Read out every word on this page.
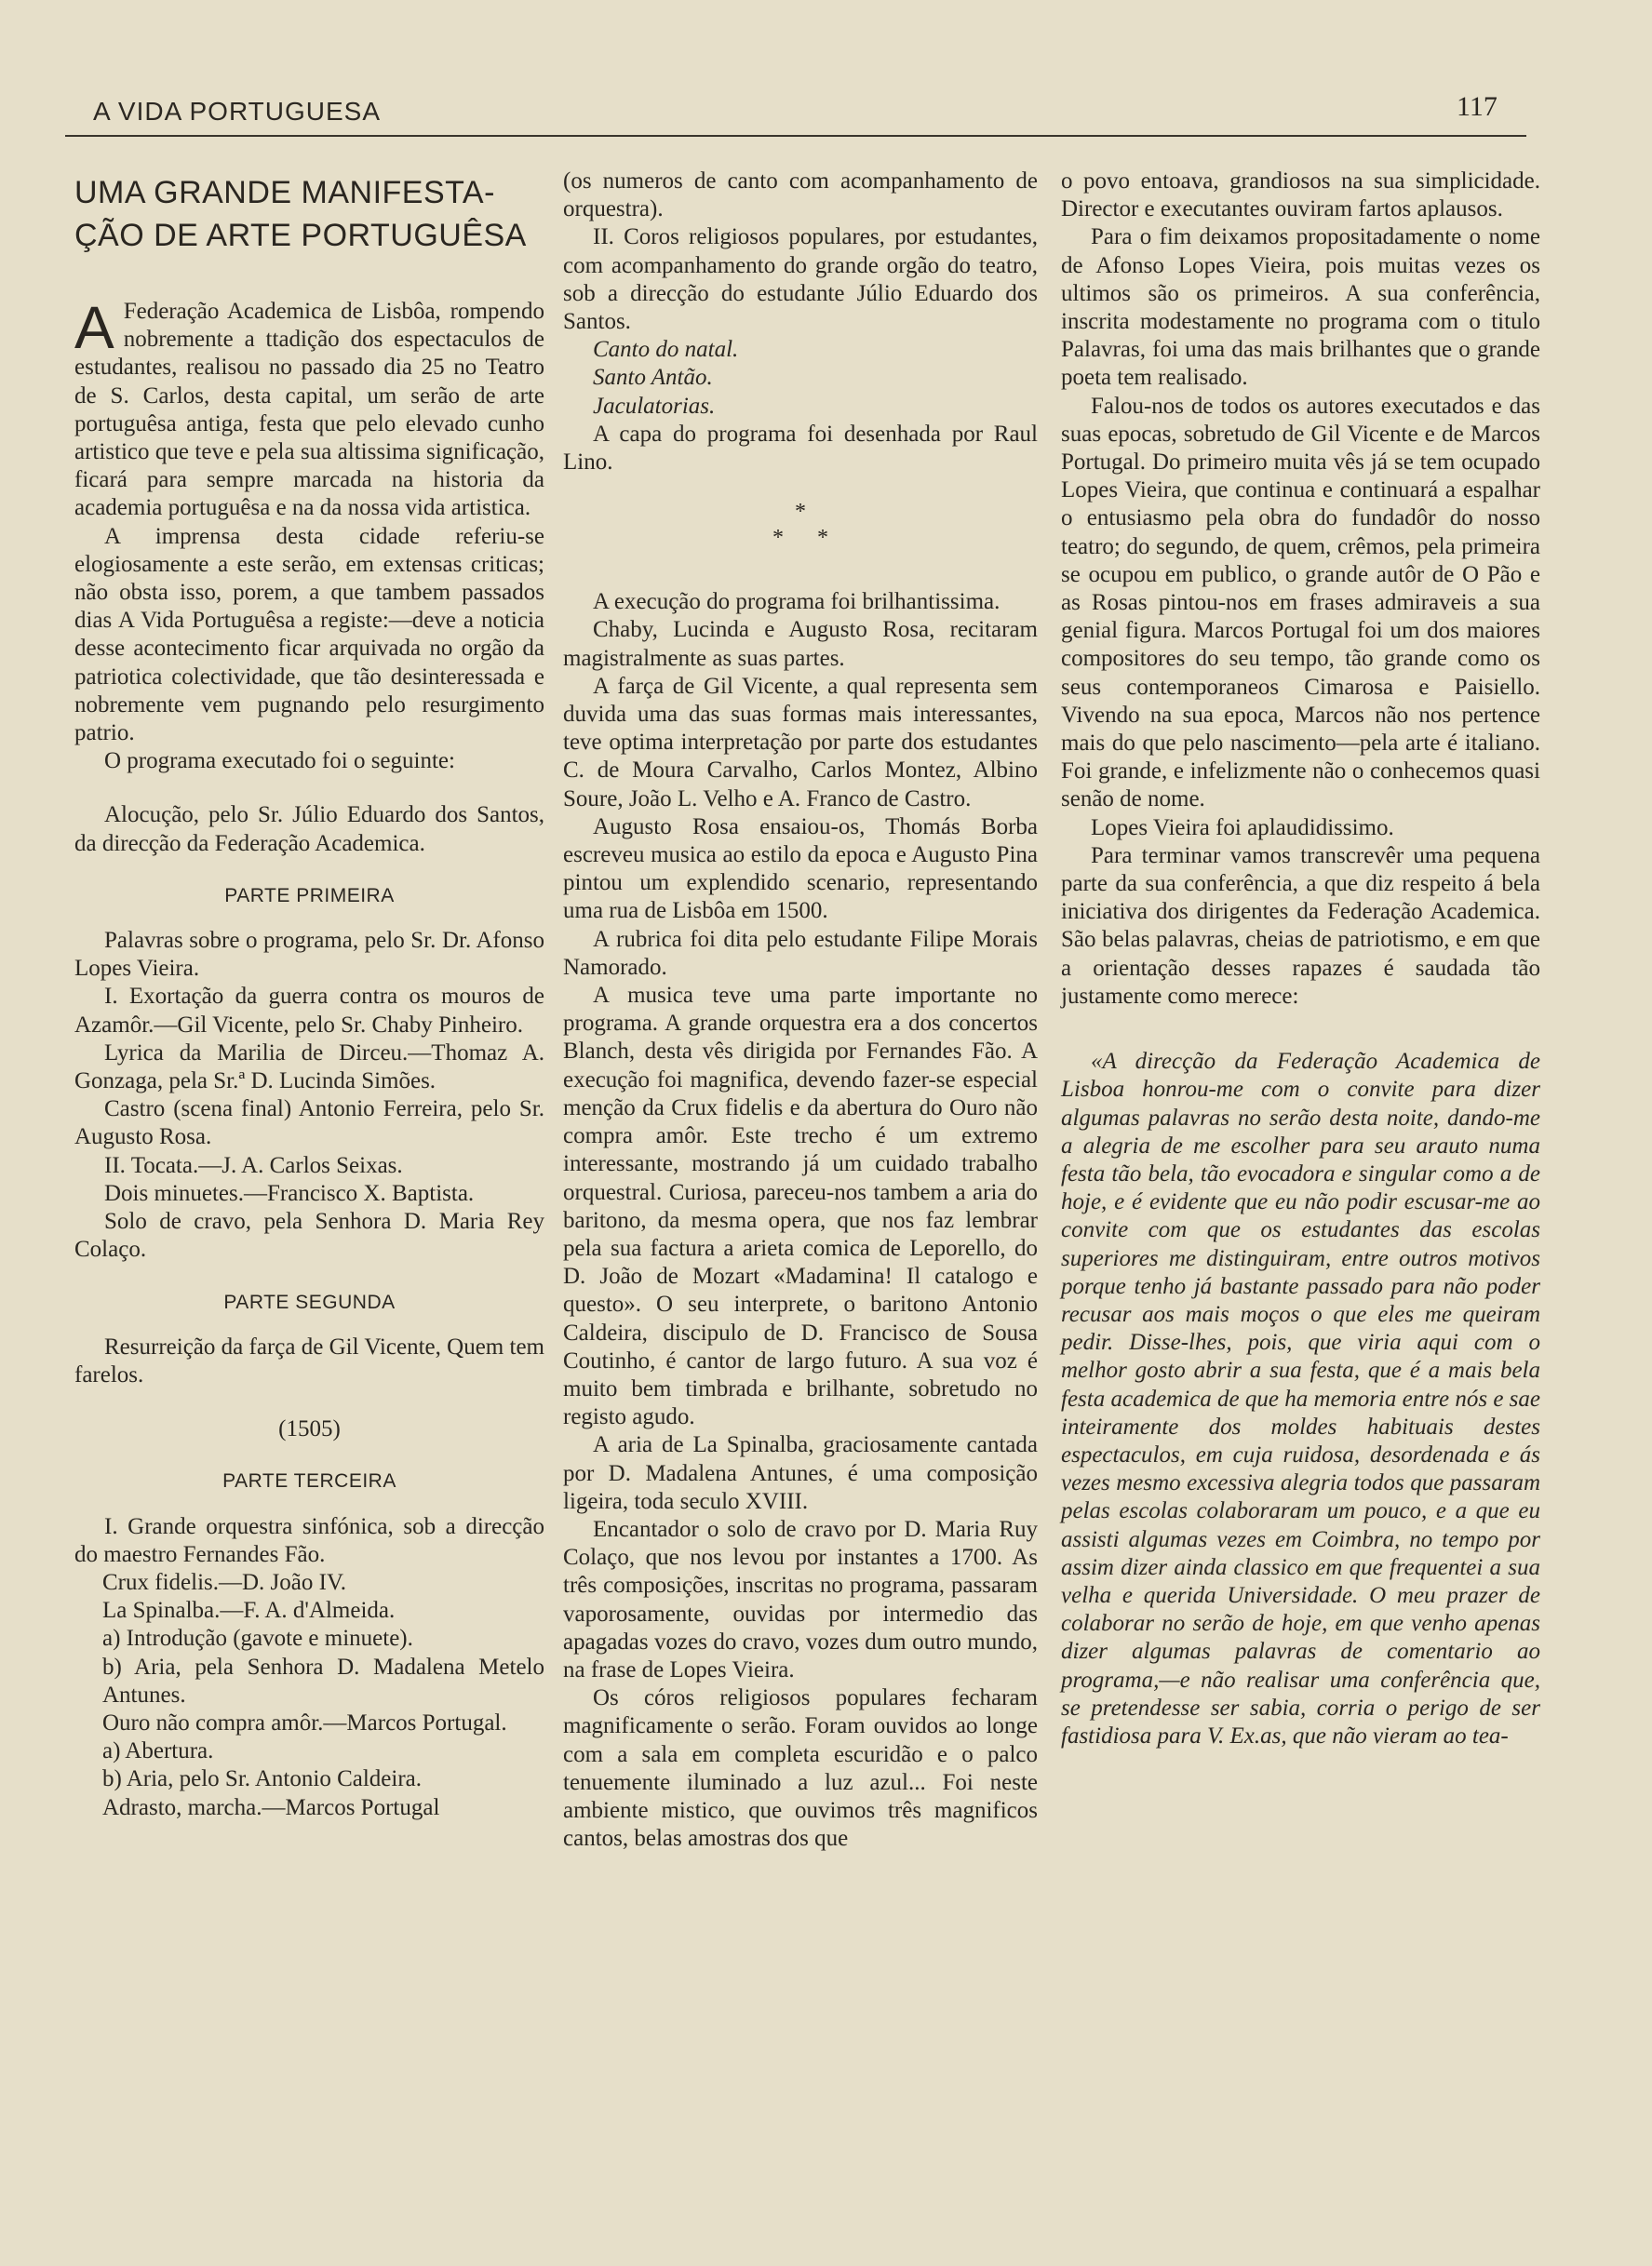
A VIDA PORTUGUESA	117
UMA GRANDE MANIFESTA-ÇÃO DE ARTE PORTUGUÊSA

A Federação Academica de Lisbôa, rompendo nobremente a ttadição dos espectaculos de estudantes, realisou no passado dia 25 no Teatro de S. Carlos, desta capital, um serão de arte portuguêsa antiga, festa que pelo elevado cunho artistico que teve e pela sua altissima significação, ficará para sempre marcada na historia da academia portuguêsa e na da nossa vida artistica.

A imprensa desta cidade referiu-se elogiosamente a este serão, em extensas criticas; não obsta isso, porem, a que tambem passados dias A Vida Portuguêsa a registe:—deve a noticia desse acontecimento ficar arquivada no orgão da patriotica colectividade, que tão desinteressada e nobremente vem pugnando pelo resurgimento patrio.

O programa executado foi o seguinte:

Alocução, pelo Sr. Júlio Eduardo dos Santos, da direcção da Federação Academica.

PARTE PRIMEIRA

Palavras sobre o programa, pelo Sr. Dr. Afonso Lopes Vieira.

I. Exortação da guerra contra os mouros de Azamôr.—Gil Vicente, pelo Sr. Chaby Pinheiro.

Lyrica da Marilia de Dirceu.—Thomaz A. Gonzaga, pela Sr.ª D. Lucinda Simões.

Castro (scena final) Antonio Ferreira, pelo Sr. Augusto Rosa.

II. Tocata.—J. A. Carlos Seixas.

Dois minuetes.—Francisco X. Baptista.

Solo de cravo, pela Senhora D. Maria Rey Colaço.

PARTE SEGUNDA

Resurreição da farça de Gil Vicente, Quem tem farelos.

(1505)

PARTE TERCEIRA

I. Grande orquestra sinfónica, sob a direcção do maestro Fernandes Fão.

Crux fidelis.—D. João IV.

La Spinalba.—F. A. d'Almeida.

a) Introdução (gavote e minuete).

b) Aria, pela Senhora D. Madalena Metelo Antunes.

Ouro não compra amôr.—Marcos Portugal.

a) Abertura.

b) Aria, pelo Sr. Antonio Caldeira.

Adrasto, marcha.—Marcos Portugal

(os numeros de canto com acompanhamento de orquestra).

II. Coros religiosos populares, por estudantes, com acompanhamento do grande orgão do teatro, sob a direcção do estudante Júlio Eduardo dos Santos.

Canto do natal.

Santo Antão.

Jaculatorias.

A capa do programa foi desenhada por Raul Lino.

*
*      *

A execução do programa foi brilhantissima.

Chaby, Lucinda e Augusto Rosa, recitaram magistralmente as suas partes.

A farça de Gil Vicente, a qual representa sem duvida uma das suas formas mais interessantes, teve optima interpretação por parte dos estudantes C. de Moura Carvalho, Carlos Montez, Albino Soure, João L. Velho e A. Franco de Castro.

Augusto Rosa ensaiou-os, Thomás Borba escreveu musica ao estilo da epoca e Augusto Pina pintou um explendido scenario, representando uma rua de Lisbôa em 1500.

A rubrica foi dita pelo estudante Filipe Morais Namorado.

A musica teve uma parte importante no programa. A grande orquestra era a dos concertos Blanch, desta vês dirigida por Fernandes Fão. A execução foi magnifica, devendo fazer-se especial menção da Crux fidelis e da abertura do Ouro não compra amôr. Este trecho é um extremo interessante, mostrando já um cuidado trabalho orquestral. Curiosa, pareceu-nos tambem a aria do baritono, da mesma opera, que nos faz lembrar pela sua factura a arieta comica de Leporello, do D. João de Mozart «Madamina! Il catalogo e questo». O seu interprete, o baritono Antonio Caldeira, discipulo de D. Francisco de Sousa Coutinho, é cantor de largo futuro. A sua voz é muito bem timbrada e brilhante, sobretudo no registo agudo.

A aria de La Spinalba, graciosamente cantada por D. Madalena Antunes, é uma composição ligeira, toda seculo XVIII.

Encantador o solo de cravo por D. Maria Ruy Colaço, que nos levou por instantes a 1700. As três composições, inscritas no programa, passaram vaporosamente, ouvidas por intermedio das apagadas vozes do cravo, vozes dum outro mundo, na frase de Lopes Vieira.

Os córos religiosos populares fecharam magnificamente o serão. Foram ouvidos ao longe com a sala em completa escuridão e o palco tenuemente iluminado a luz azul... Foi neste ambiente mistico, que ouvimos três magnificos cantos, belas amostras dos que

o povo entoava, grandiosos na sua simplicidade. Director e executantes ouviram fartos aplausos.

Para o fim deixamos propositadamente o nome de Afonso Lopes Vieira, pois muitas vezes os ultimos são os primeiros. A sua conferência, inscrita modestamente no programa com o titulo Palavras, foi uma das mais brilhantes que o grande poeta tem realisado.

Falou-nos de todos os autores executados e das suas epocas, sobretudo de Gil Vicente e de Marcos Portugal. Do primeiro muita vês já se tem ocupado Lopes Vieira, que continua e continuará a espalhar o entusiasmo pela obra do fundadôr do nosso teatro; do segundo, de quem, crêmos, pela primeira se ocupou em publico, o grande autôr de O Pão e as Rosas pintou-nos em frases admiraveis a sua genial figura. Marcos Portugal foi um dos maiores compositores do seu tempo, tão grande como os seus contemporaneos Cimarosa e Paisiello. Vivendo na sua epoca, Marcos não nos pertence mais do que pelo nascimento—pela arte é italiano. Foi grande, e infelizmente não o conhecemos quasi senão de nome.

Lopes Vieira foi aplaudidissimo.

Para terminar vamos transcrevêr uma pequena parte da sua conferência, a que diz respeito á bela iniciativa dos dirigentes da Federação Academica. São belas palavras, cheias de patriotismo, e em que a orientação desses rapazes é saudada tão justamente como merece:

«A direcção da Federação Academica de Lisboa honrou-me com o convite para dizer algumas palavras no serão desta noite, dando-me a alegria de me escolher para seu arauto numa festa tão bela, tão evocadora e singular como a de hoje, e é evidente que eu não podir escusar-me ao convite com que os estudantes das escolas superiores me distinguiram, entre outros motivos porque tenho já bastante passado para não poder recusar aos mais moços o que eles me queiram pedir. Disse-lhes, pois, que viria aqui com o melhor gosto abrir a sua festa, que é a mais bela festa academica de que ha memoria entre nós e sae inteiramente dos moldes habituais destes espectaculos, em cuja ruidosa, desordenada e ás vezes mesmo excessiva alegria todos que passaram pelas escolas colaboraram um pouco, e a que eu assisti algumas vezes em Coimbra, no tempo por assim dizer ainda classico em que frequentei a sua velha e querida Universidade. O meu prazer de colaborar no serão de hoje, em que venho apenas dizer algumas palavras de comentario ao programa,—e não realisar uma conferência que, se pretendesse ser sabia, corria o perigo de ser fastidiosa para V. Ex.as, que não vieram ao tea-
